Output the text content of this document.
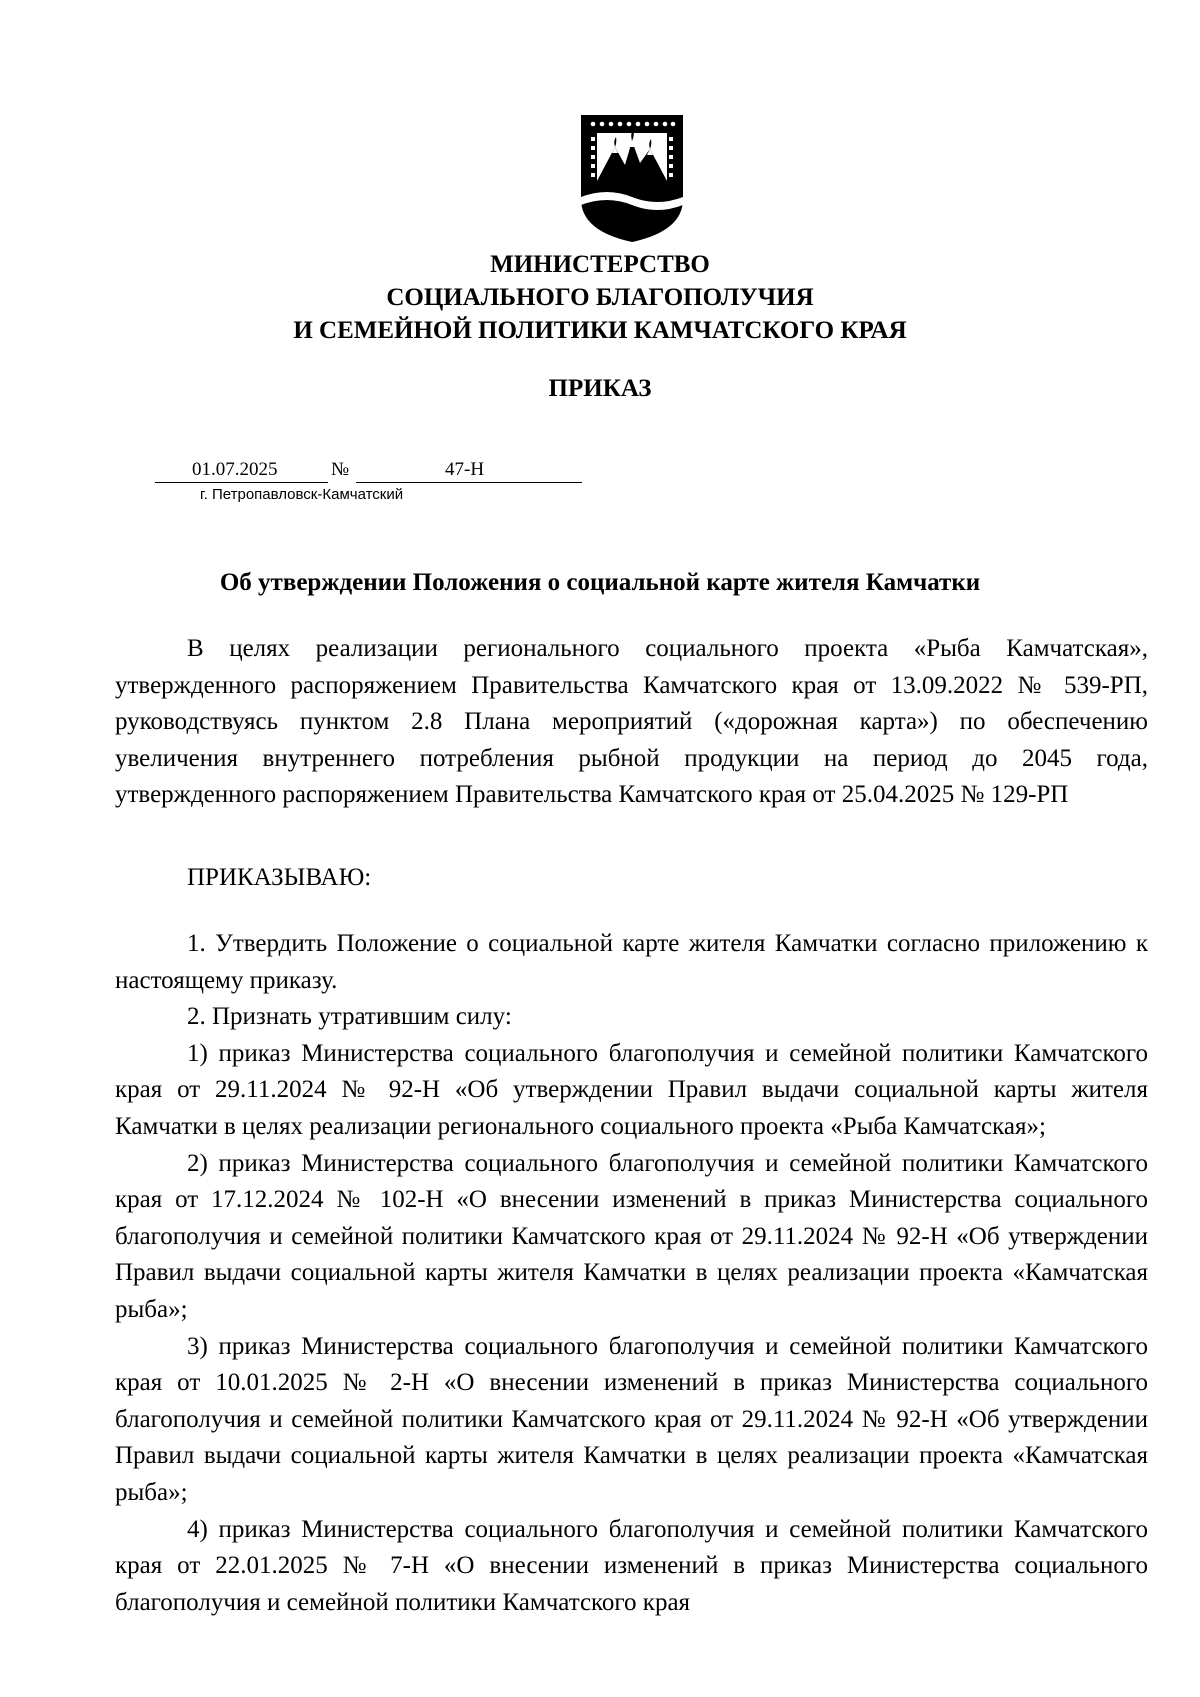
МИНИСТЕРСТВО
СОЦИАЛЬНОГО БЛАГОПОЛУЧИЯ
И СЕМЕЙНОЙ ПОЛИТИКИ КАМЧАТСКОГО КРАЯ
ПРИКАЗ
01.07.2025	№	47-Н
г. Петропавловск-Камчатский
Об утверждении Положения о социальной карте жителя Камчатки

В целях реализации регионального социального проекта «Рыба Камчатская», утвержденного распоряжением Правительства Камчатского края от 13.09.2022 № 539-РП, руководствуясь пунктом 2.8 Плана мероприятий («дорожная карта») по обеспечению увеличения внутреннего потребления рыбной продукции на период до 2045 года, утвержденного распоряжением Правительства Камчатского края от 25.04.2025 № 129-РП

ПРИКАЗЫВАЮ:

1. Утвердить Положение о социальной карте жителя Камчатки согласно приложению к настоящему приказу.

2. Признать утратившим силу:

1) приказ Министерства социального благополучия и семейной политики Камчатского края от 29.11.2024 № 92-Н «Об утверждении Правил выдачи социальной карты жителя Камчатки в целях реализации регионального социального проекта «Рыба Камчатская»;

2) приказ Министерства социального благополучия и семейной политики Камчатского края от 17.12.2024 № 102-Н «О внесении изменений в приказ Министерства социального благополучия и семейной политики Камчатского края от 29.11.2024 № 92-Н «Об утверждении Правил выдачи социальной карты жителя Камчатки в целях реализации проекта «Камчатская рыба»;

3) приказ Министерства социального благополучия и семейной политики Камчатского края от 10.01.2025 № 2-Н «О внесении изменений в приказ Министерства социального благополучия и семейной политики Камчатского края от 29.11.2024 № 92-Н «Об утверждении Правил выдачи социальной карты жителя Камчатки в целях реализации проекта «Камчатская рыба»;

4) приказ Министерства социального благополучия и семейной политики Камчатского края от 22.01.2025 № 7-Н «О внесении изменений в приказ Министерства социального благополучия и семейной политики Камчатского края
